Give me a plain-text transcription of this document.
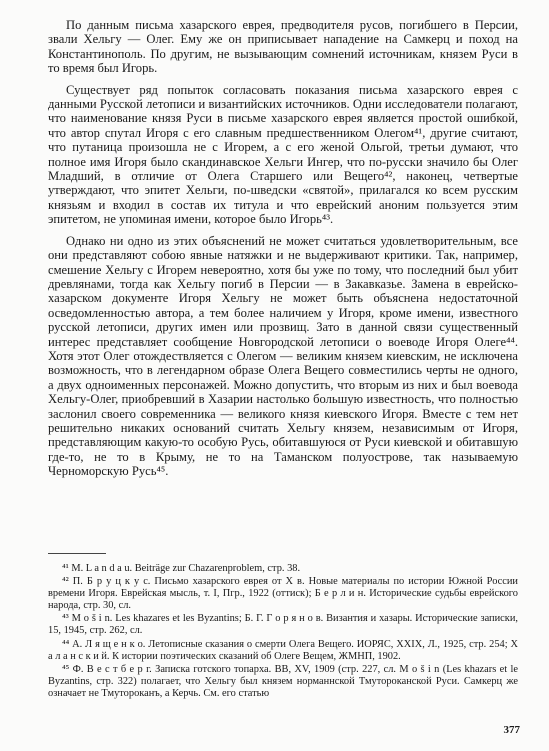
По данным письма хазарского еврея, предводителя русов, погибшего в Персии, звали Хельгу — Олег. Ему же он приписывает нападение на Самкерц и поход на Константинополь. По другим, не вызывающим сомнений источникам, князем Руси в то время был Игорь.

Существует ряд попыток согласовать показания письма хазарского еврея с данными Русской летописи и византийских источников. Одни исследователи полагают, что наименование князя Руси в письме хазарского еврея является простой ошибкой, что автор спутал Игоря с его славным предшественником Олегом⁴¹, другие считают, что путаница произошла не с Игорем, а с его женой Ольгой, третьи думают, что полное имя Игоря было скандинавское Хельги Ингер, что по-русски значило бы Олег Младший, в отличие от Олега Старшего или Вещего⁴², наконец, четвертые утверждают, что эпитет Хельги, по-шведски «святой», прилагался ко всем русским князьям и входил в состав их титула и что еврейский аноним пользуется этим эпитетом, не упоминая имени, которое было Игорь⁴³.

Однако ни одно из этих объяснений не может считаться удовлетворительным, все они представляют собою явные натяжки и не выдерживают критики. Так, например, смешение Хельгу с Игорем невероятно, хотя бы уже по тому, что последний был убит древлянами, тогда как Хельгу погиб в Персии — в Закавказье. Замена в еврейско-хазарском документе Игоря Хельгу не может быть объяснена недостаточной осведомленностью автора, а тем более наличием у Игоря, кроме имени, известного русской летописи, других имен или прозвищ. Зато в данной связи существенный интерес представляет сообщение Новгородской летописи о воеводе Игоря Олеге⁴⁴. Хотя этот Олег отождествляется с Олегом — великим князем киевским, не исключена возможность, что в легендарном образе Олега Вещего совместились черты не одного, а двух одноименных персонажей. Можно допустить, что вторым из них и был воевода Хельгу-Олег, приобревший в Хазарии настолько большую известность, что полностью заслонил своего современника — великого князя киевского Игоря. Вместе с тем нет решительно никаких оснований считать Хельгу князем, независимым от Игоря, представляющим какую-то особую Русь, обитавшуюся от Руси киевской и обитавшую где-то, не то в Крыму, не то на Таманском полуострове, так называемую Черноморскую Русь⁴⁵.

⁴¹ M. L a n d a u. Beiträge zur Chazarenproblem, стр. 38.

⁴² П. Б р у ц к у с. Письмо хазарского еврея от X в. Новые материалы по истории Южной России времени Игоря. Еврейская мысль, т. I, Пгр., 1922 (оттиск); Б е р л и н. Исторические судьбы еврейского народа, стр. 30, сл.

⁴³ M o š i n. Les khazares et les Byzantins; Б. Г. Г о р я н о в. Византия и хазары. Исторические записки, 15, 1945, стр. 262, сл.

⁴⁴ А. Л я щ е н к о. Летописные сказания о смерти Олега Вещего. ИОРЯС, XXIX, Л., 1925, стр. 254; Х а л а н с к и й. К истории поэтических сказаний об Олеге Вещем, ЖМНП, 1902.

⁴⁵ Ф. В е с т б е р г. Записка готского топарха. ВВ, XV, 1909 (стр. 227, сл. M o š i n (Les khazars et le Byzantins, стр. 322) полагает, что Хельгу был князем норманнской Тмутороканской Руси. Самкерц же означает не Тмутороканъ, а Керчь. См. его статью

377
